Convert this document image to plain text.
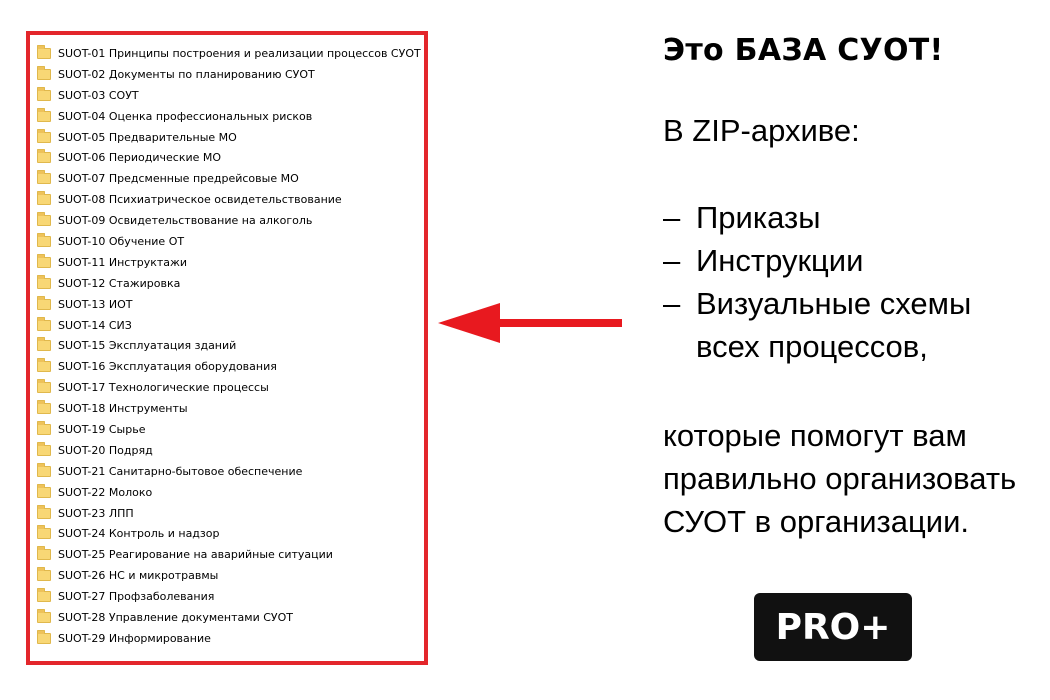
SUOT-01 Принципы построения и реализации процессов СУОТ
SUOT-02 Документы по планированию СУОТ
SUOT-03 СОУТ
SUOT-04 Оценка профессиональных рисков
SUOT-05 Предварительные МО
SUOT-06 Периодические МО
SUOT-07 Предсменные предрейсовые МО
SUOT-08 Психиатрическое освидетельствование
SUOT-09 Освидетельствование на алкоголь
SUOT-10 Обучение ОТ
SUOT-11 Инструктажи
SUOT-12 Стажировка
SUOT-13 ИОТ
SUOT-14 СИЗ
SUOT-15 Эксплуатация зданий
SUOT-16 Эксплуатация оборудования
SUOT-17 Технологические процессы
SUOT-18 Инструменты
SUOT-19 Сырье
SUOT-20 Подряд
SUOT-21 Санитарно-бытовое обеспечение
SUOT-22 Молоко
SUOT-23 ЛПП
SUOT-24 Контроль и надзор
SUOT-25 Реагирование на аварийные ситуации
SUOT-26 НС и микротравмы
SUOT-27 Профзаболевания
SUOT-28 Управление документами СУОТ
SUOT-29 Информирование
Это БАЗА СУОТ!

В ZIP-архиве:

– Приказы
– Инструкции
– Визуальные схемы
всех процессов,

которые помогут вам
правильно организовать
СУОТ в организации.

PRO+
